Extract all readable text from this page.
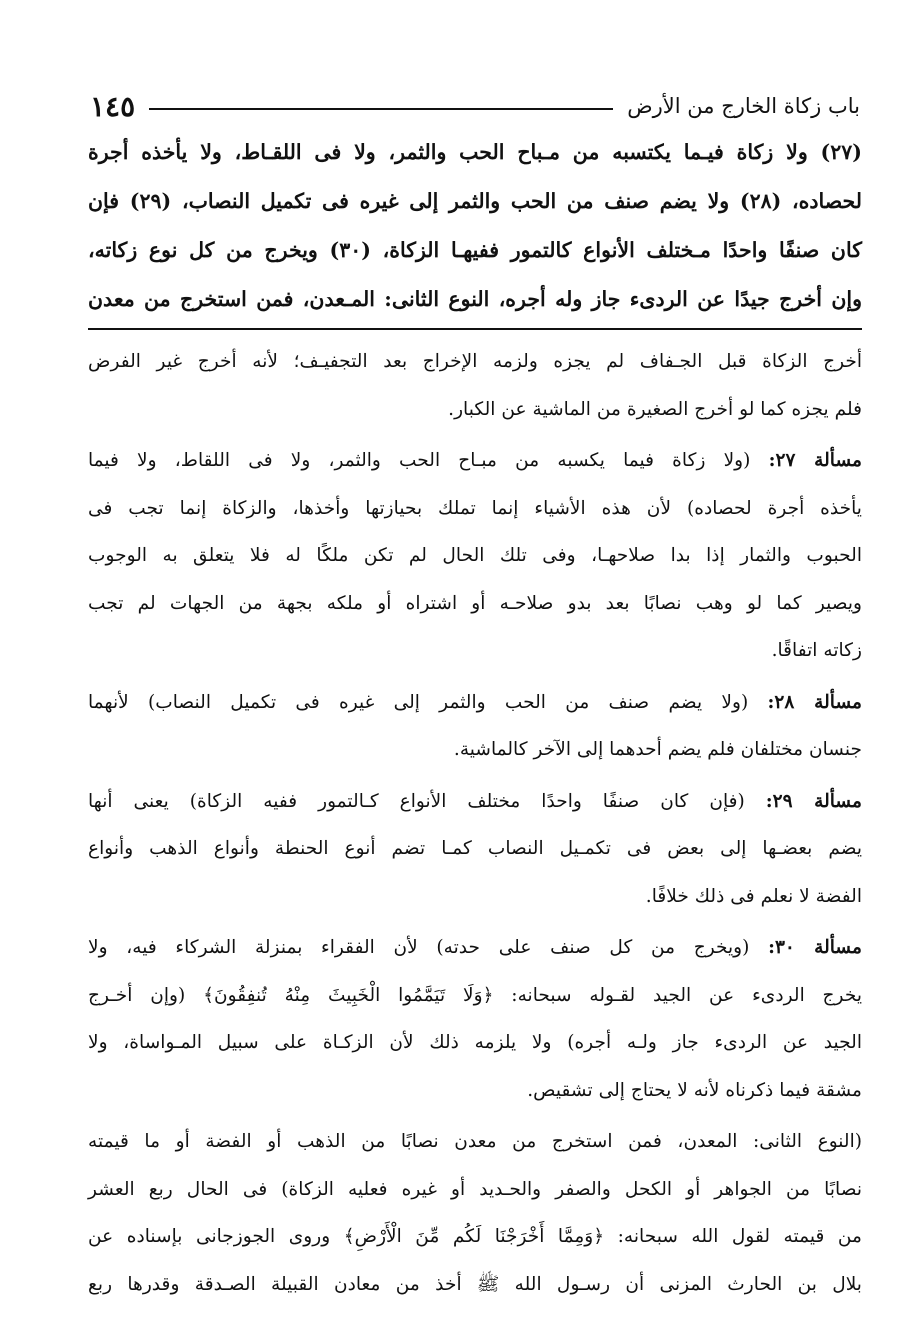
باب زكاة الخارج من الأرض
١٤٥
(٢٧) ولا زكاة فيـما يكتسبه من مـباح الحب والثمر، ولا فى اللقـاط، ولا يأخذه أجرة
لحصاده، (٢٨) ولا يضم صنف من الحب والثمر إلى غيره فى تكميل النصاب، (٢٩) فإن
كان صنفًا واحدًا مـختلف الأنواع كالتمور ففيهـا الزكاة، (٣٠) ويخرج من كل نوع زكاته،
وإن أخرج جيدًا عن الردىء جاز وله أجره، النوع الثانى: المـعدن، فمن استخرج من معدن
أخرج الزكاة قبل الجـفاف لم يجزه ولزمه الإخراج بعد التجفيـف؛ لأنه أخرج غير الفرض
فلم يجزه كما لو أخرج الصغيرة من الماشية عن الكبار.
مسألة ٢٧: (ولا زكاة فيما يكسبه من مبـاح الحب والثمر، ولا فى اللقاط، ولا فيما
يأخذه أجرة لحصاده) لأن هذه الأشياء إنما تملك بحيازتها وأخذها، والزكاة إنما تجب فى
الحبوب والثمار إذا بدا صلاحهـا، وفى تلك الحال لم تكن ملكًا له فلا يتعلق به الوجوب
ويصير كما لو وهب نصابًا بعد بدو صلاحـه أو اشتراه أو ملكه بجهة من الجهات لم تجب
زكاته اتفاقًا.
مسألة ٢٨: (ولا يضم صنف من الحب والثمر إلى غيره فى تكميل النصاب) لأنهما
جنسان مختلفان فلم يضم أحدهما إلى الآخر كالماشية.
مسألة ٢٩: (فإن كان صنفًا واحدًا مختلف الأنواع كـالتمور ففيه الزكاة) يعنى أنها
يضم بعضـها إلى بعض فى تكمـيل النصاب كمـا تضم أنوع الحنطة وأنواع الذهب وأنواع
الفضة لا نعلم فى ذلك خلافًا.
مسألة ٣٠: (ويخرج من كل صنف على حدته) لأن الفقراء بمنزلة الشركاء فيه، ولا
يخرج الردىء عن الجيد لقـوله سبحانه: ﴿وَلَا تَيَمَّمُوا الْخَبِيثَ مِنْهُ تُنفِقُونَ﴾ (وإن أخـرج
الجيد عن الردىء جاز ولـه أجره) ولا يلزمه ذلك لأن الزكـاة على سبيل المـواساة، ولا
مشقة فيما ذكرناه لأنه لا يحتاج إلى تشقيص.
(النوع الثانى: المعدن، فمن استخرج من معدن نصابًا من الذهب أو الفضة أو ما قيمته
نصابًا من الجواهر أو الكحل والصفر والحـديد أو غيره فعليه الزكاة) فى الحال ربع العشر
من قيمته لقول الله سبحانه: ﴿وَمِمَّا أَخْرَجْنَا لَكُم مِّنَ الْأَرْضِ﴾ وروى الجوزجانى بإسناده عن
بلال بن الحارث المزنى أن رسـول الله ﷺ أخذ من معادن القبيلة الصـدقة وقدرها ربع
